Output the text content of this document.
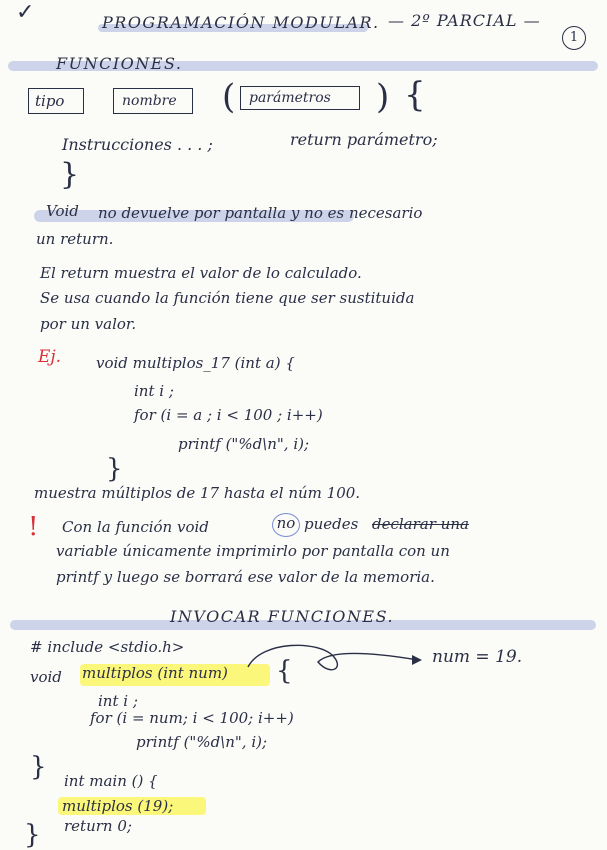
✓	PROGRAMACIÓN MODULAR. — 2º PARCIAL —
1
FUNCIONES.
tipo	nombre ( parámetros ) {
Instrucciones . . . ;	return parámetro;
}
Void no devuelve por pantalla y no es necesario
un return.
El return muestra el valor de lo calculado.
Se usa cuando la función tiene que ser sustituida
por un valor.
Ej. void multiplos_17 (int a) {
int i ;
for (i = a ; i < 100 ; i++)
printf ("%d\n", i);
}
muestra múltiplos de 17 hasta el núm 100.
! Con la función void	no puedes declarar una
variable únicamente imprimirlo por pantalla con un
printf y luego se borrará ese valor de la memoria.
INVOCAR FUNCIONES.
# include <stdio.h>
void multiplos (int num) {	num = 19.
int i ;
for (i = num; i < 100; i++)
printf ("%d\n", i);
} int main () {
multiplos (19);
return 0;
}
